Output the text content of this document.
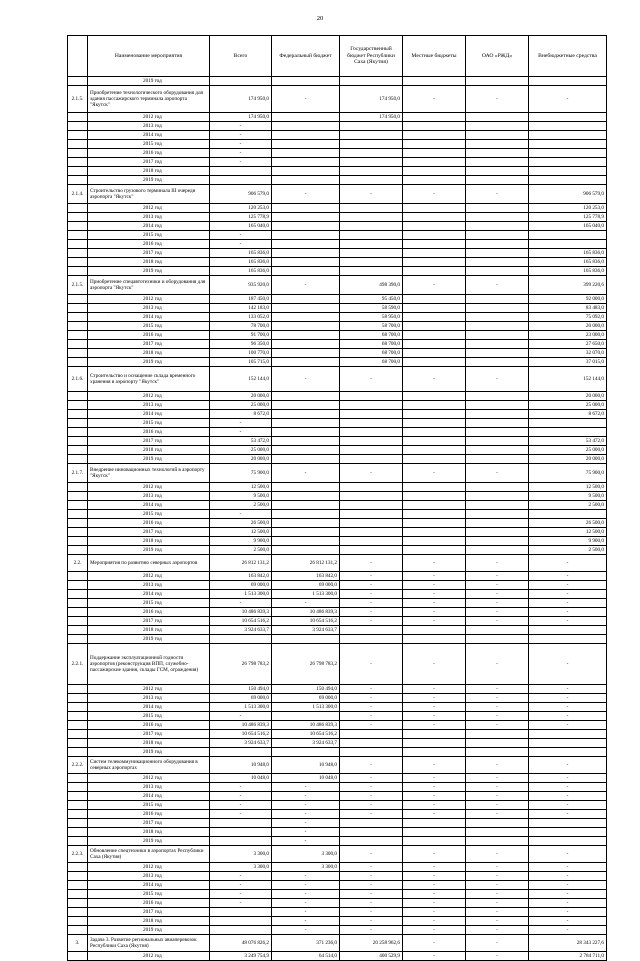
20
	Наименование мероприятия	Всего	Федеральный бюджет	Государственный бюджет Республики Саха (Якутия)	Местные бюджеты	ОАО «РЖД»	Внебюджетные средства
	2019 год						
2.1.5.	Приобретение технологического оборудования для здания пассажирского терминала аэропорта "Якутск"	174 950,0	-	174 950,0	-	-	-
	2012 год	174 950,0		174 950,0			
	2013 год	-					
	2014 год	-					
	2015 год	-					
	2016 год	-					
	2017 год	-					
	2018 год						
	2019 год						
2.1.4.	Строительство грузового терминала III очереди аэропорта "Якутск"	906 579,0	-	-	-	-	906 579,0
	2012 год	120 253,0					120 253,0
	2013 год	125 778,9					125 778,9
	2014 год	165 040,0					165 040,0
	2015 год	-					
	2016 год	-					
	2017 год	165 836,0					165 836,0
	2018 год	165 836,0					165 836,0
	2019 год	165 836,0					165 836,0
2.1.5.	Приобретение спецавтотехники и оборудования для аэропорта "Якутск"	935 920,0	-	498 390,0	-	-	399 220,6
	2012 год	187 450,0		95 450,0			92 000,0
	2013 год	142 183,0		58 590,0			83 483,0
	2014 год	133 052,0		58 950,0			75 092,0
	2015 год	78 700,0		58 700,0			20 000,0
	2016 год	91 700,0		68 700,0			23 000,0
	2017 год	96 350,0		68 700,0			27 650,0
	2018 год	100 770,0		68 700,0			32 070,0
	2019 год	105 715,0		68 700,0			37 015,0
2.1.6.	Строительство и оснащение склада временного хранения в аэропорту "Якутск"	152 144,0	-	-	-	-	152 144,0
	2012 год	20 000,0					20 000,0
	2013 год	25 000,0					25 000,0
	2014 год	8 672,0					8 672,0
	2015 год	-					
	2016 год	-					
	2017 год	53 472,0					53 472,0
	2018 год	25 000,0					25 000,0
	2019 год	20 000,0					20 000,0
2.1.7.	Внедрение инновационных технологий в аэропорту "Якутск"	75 900,0	-	-	-	-	75 900,0
	2012 год	12 500,0					12 500,0
	2013 год	9 500,0					9 500,0
	2014 год	2 500,0					2 500,0
	2015 год	-					
	2016 год	26 500,0					26 500,0
	2017 год	12 500,0					12 500,0
	2018 год	9 900,0					9 900,0
	2019 год	2 500,0					2 500,0
2.2.	Мероприятия по развитию северных аэропортов	26 812 131,2	26 812 131,2	-	-	-	-
	2012 год	163 842,0	163 842,0	-	-	-	-
	2013 год	69 000,0	69 000,0	-	-	-	-
	2014 год	1 513 300,0	1 513 300,0	-	-	-	-
	2015 год	-	-	-	-	-	-
	2016 год	10 486 839,3	10 486 839,3	-	-	-	-
	2017 год	10 654 516,2	10 654 516,2	-	-	-	-
	2018 год	3 924 633,7	3 924 633,7				
	2019 год						
2.2.1.	Поддержание эксплуатационной годности аэропортов (реконструкция ВПП, служебно-пассажирские здания, склады ГСМ, ограждения)	26 798 783,2	26 798 783,2	-	-	-	-
	2012 год	150 494,0	150 494,0	-	-	-	-
	2013 год	69 000,0	69 000,0	-	-	-	-
	2014 год	1 513 300,0	1 513 300,0	-	-	-	-
	2015 год	-		-	-	-	-
	2016 год	10 486 839,3	10 486 839,3	-	-	-	-
	2017 год	10 654 516,2	10 654 516,2				
	2018 год	3 924 633,7	3 924 633,7				
	2019 год						
2.2.2.	Систем телекоммуникационного оборудования в северных аэропортах	10 948,0	10 948,0	-	-	-	-
	2012 год	10 048,0	10 048,0	-	-	-	-
	2013 год	-	-	-	-	-	-
	2014 год	-	-	-	-	-	-
	2015 год	-	-	-	-	-	-
	2016 год	-	-	-	-	-	-
	2017 год		-				
	2018 год		-				
	2019 год		-				
2.2.3.	Обновление спецтехники в аэропортах Республики Саха (Якутия)	3 300,0	3 300,0	-	-	-	-
	2012 год	3 300,0	3 300,0	-	-	-	-
	2013 год	-	-	-	-	-	-
	2014 год	-	-	-	-	-	-
	2015 год	-	-	-	-	-	-
	2016 год	-	-	-	-	-	-
	2017 год		-	-	-	-	-
	2018 год		-	-	-	-	-
	2019 год		-	-	-	-	-
3.	Задача 3. Развитие региональных авиаперевозок Республики Саха (Якутия)	48 076 826,2	371 236,0	20 258 962,6	-	-	28 343 227,6
	2012 год	3 249 754,9	64 514,0	400 529,9	-	-	2 784 711,0
